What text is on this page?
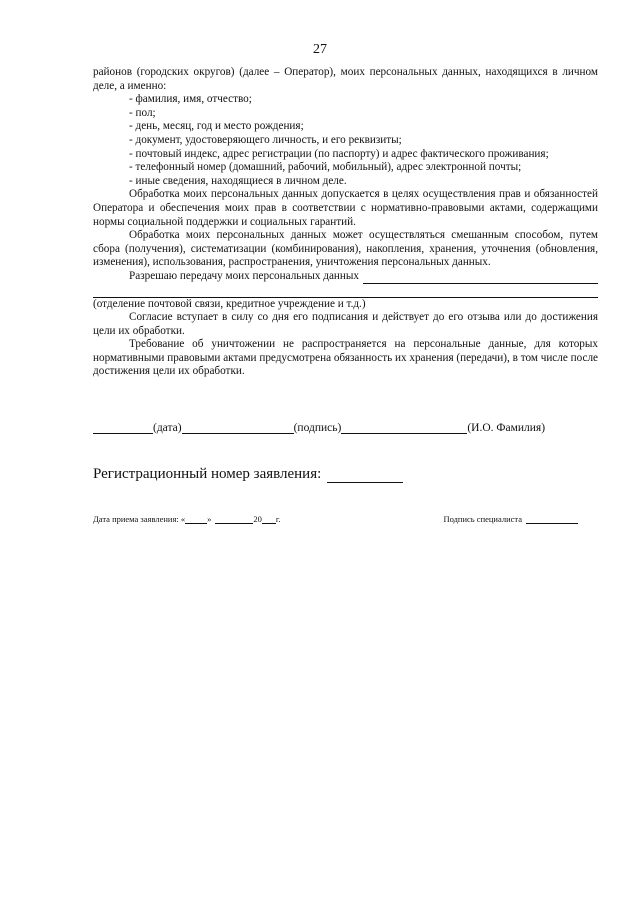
27

районов (городских округов) (далее – Оператор), моих персональных данных, находящихся в личном деле, а именно:

- фамилия, имя, отчество;

- пол;

- день, месяц, год и место рождения;

- документ, удостоверяющего личность, и его реквизиты;

- почтовый индекс, адрес регистрации (по паспорту) и адрес фактического проживания;

- телефонный номер (домашний, рабочий, мобильный), адрес электронной почты;

- иные сведения, находящиеся в личном деле.

Обработка моих персональных данных допускается в целях осуществления прав и обязанностей Оператора и обеспечения моих прав в соответствии с нормативно-правовыми актами, содержащими нормы социальной поддержки и социальных гарантий.

Обработка моих персональных данных может осуществляться смешанным способом, путем сбора (получения), систематизации (комбинирования), накопления, хранения, уточнения (обновления, изменения), использования, распространения, уничтожения персональных данных.

Разрешаю передачу моих персональных данных

(отделение почтовой связи, кредитное учреждение и т.д.)

Согласие вступает в силу со дня его подписания и действует до его отзыва или до достижения цели их обработки.

Требование об уничтожении не распространяется на персональные данные, для которых нормативными правовыми актами предусмотрена обязанность их хранения (передачи), в том числе после достижения цели их обработки.

(дата)	(подпись)	(И.О. Фамилия)
Регистрационный номер заявления:
Дата приема заявления: «	»	20 г.	Подпись специалиста
